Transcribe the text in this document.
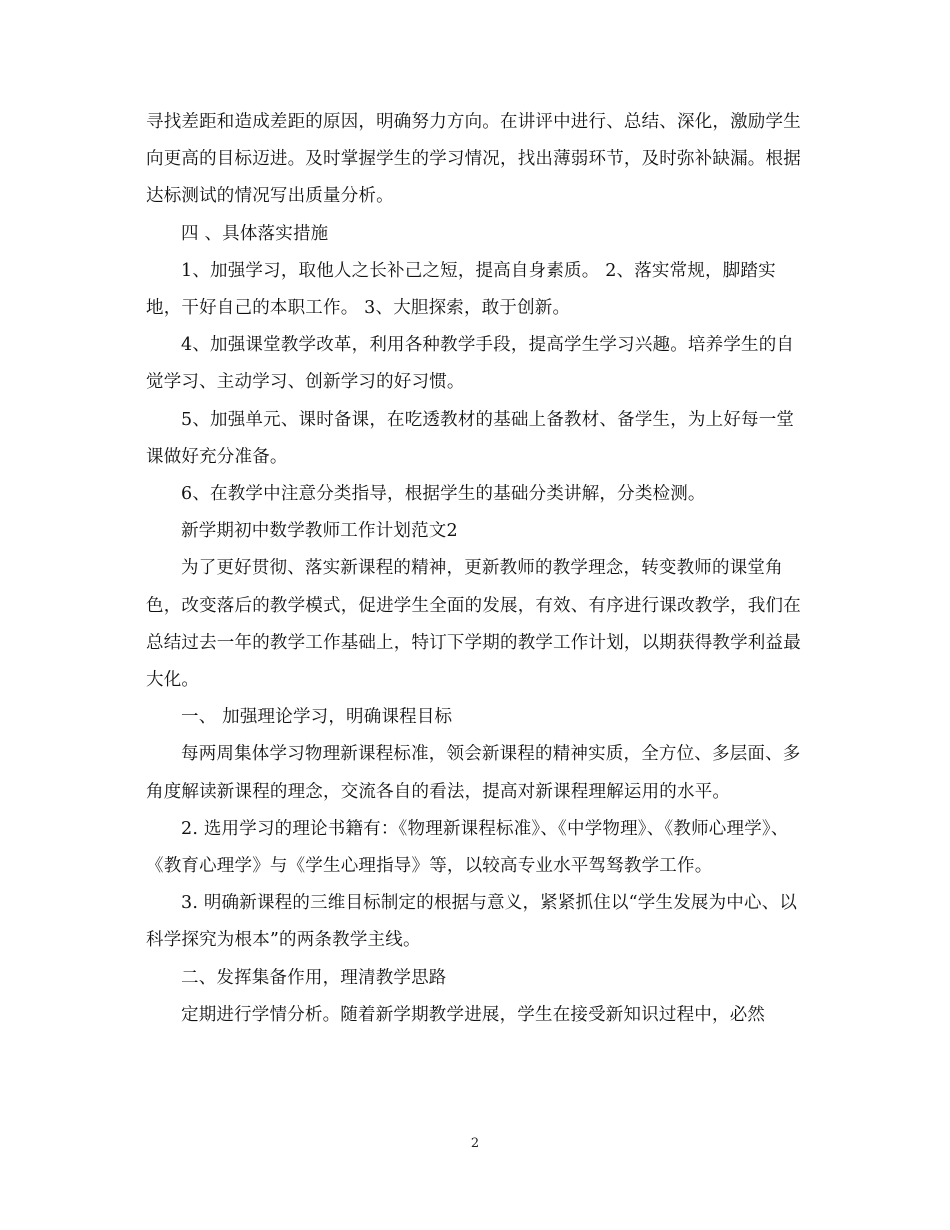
寻找差距和造成差距的原因，明确努力方向。在讲评中进行、总结、深化，激励学生向更高的目标迈进。及时掌握学生的学习情况，找出薄弱环节，及时弥补缺漏。根据达标测试的情况写出质量分析。

四 、具体落实措施

1、加强学习，取他人之长补己之短，提高自身素质。 2、落实常规，脚踏实地，干好自己的本职工作。 3、大胆探索，敢于创新。

4、加强课堂教学改革，利用各种教学手段，提高学生学习兴趣。培养学生的自觉学习、主动学习、创新学习的好习惯。

5、加强单元、课时备课，在吃透教材的基础上备教材、备学生，为上好每一堂课做好充分准备。

6、在教学中注意分类指导，根据学生的基础分类讲解，分类检测。

新学期初中数学教师工作计划范文2

为了更好贯彻、落实新课程的精神，更新教师的教学理念，转变教师的课堂角色，改变落后的教学模式，促进学生全面的发展，有效、有序进行课改教学，我们在总结过去一年的教学工作基础上，特订下学期的教学工作计划，以期获得教学利益最大化。

一、 加强理论学习，明确课程目标

每两周集体学习物理新课程标准，领会新课程的精神实质，全方位、多层面、多角度解读新课程的理念，交流各自的看法，提高对新课程理解运用的水平。

2. 选用学习的理论书籍有：《物理新课程标准》、《中学物理》、《教师心理学》、《教育心理学》与《学生心理指导》等，以较高专业水平驾驽教学工作。

3. 明确新课程的三维目标制定的根据与意义，紧紧抓住以“学生发展为中心、以科学探究为根本”的两条教学主线。

二、发挥集备作用，理清教学思路

定期进行学情分析。随着新学期教学进展，学生在接受新知识过程中，必然

2
